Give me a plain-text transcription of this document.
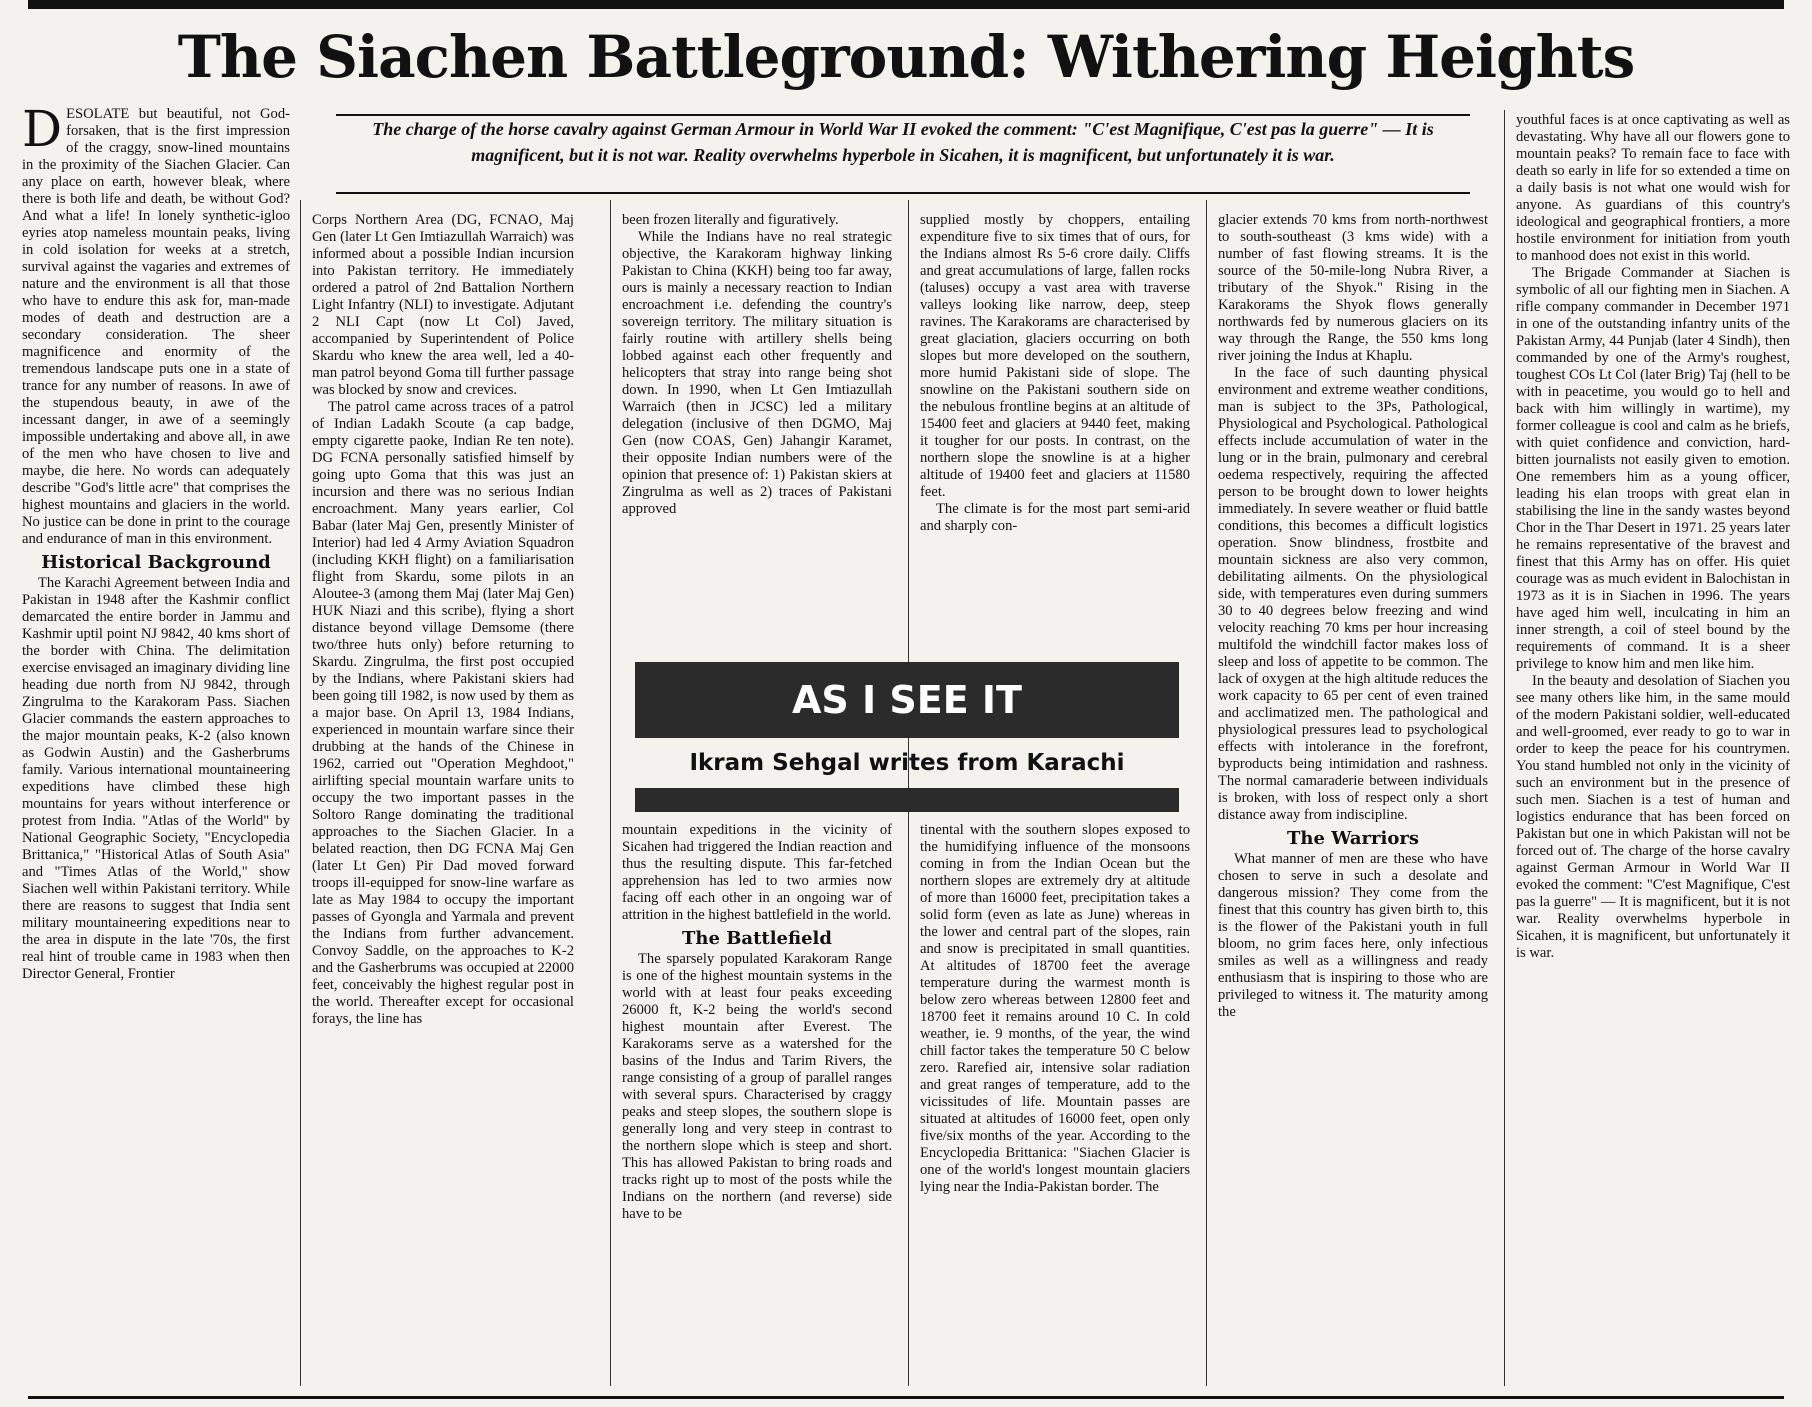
The Siachen Battleground: Withering Heights
The charge of the horse cavalry against German Armour in World War II evoked the comment: "C'est Magnifique, C'est pas la guerre" — It is magnificent, but it is not war. Reality overwhelms hyperbole in Sicahen, it is magnificent, but unfortunately it is war.

DESOLATE but beautiful, not God-forsaken, that is the first impression of the craggy, snow-lined mountains in the proximity of the Siachen Glacier. Can any place on earth, however bleak, where there is both life and death, be without God? And what a life! In lonely synthetic-igloo eyries atop nameless mountain peaks, living in cold isolation for weeks at a stretch, survival against the vagaries and extremes of nature and the environment is all that those who have to endure this ask for, man-made modes of death and destruction are a secondary consideration. The sheer magnificence and enormity of the tremendous landscape puts one in a state of trance for any number of reasons. In awe of the stupendous beauty, in awe of the incessant danger, in awe of a seemingly impossible undertaking and above all, in awe of the men who have chosen to live and maybe, die here. No words can adequately describe "God's little acre" that comprises the highest mountains and glaciers in the world. No justice can be done in print to the courage and endurance of man in this environment.

Historical Background

The Karachi Agreement between India and Pakistan in 1948 after the Kashmir conflict demarcated the entire border in Jammu and Kashmir uptil point NJ 9842, 40 kms short of the border with China. The delimitation exercise envisaged an imaginary dividing line heading due north from NJ 9842, through Zingrulma to the Karakoram Pass. Siachen Glacier commands the eastern approaches to the major mountain peaks, K-2 (also known as Godwin Austin) and the Gasherbrums family. Various international mountaineering expeditions have climbed these high mountains for years without interference or protest from India. "Atlas of the World" by National Geographic Society, "Encyclopedia Brittanica," "Historical Atlas of South Asia" and "Times Atlas of the World," show Siachen well within Pakistani territory. While there are reasons to suggest that India sent military mountaineering expeditions near to the area in dispute in the late '70s, the first real hint of trouble came in 1983 when then Director General, Frontier

Corps Northern Area (DG, FCNAO, Maj Gen (later Lt Gen Imtiazullah Warraich) was informed about a possible Indian incursion into Pakistan territory. He immediately ordered a patrol of 2nd Battalion Northern Light Infantry (NLI) to investigate. Adjutant 2 NLI Capt (now Lt Col) Javed, accompanied by Superintendent of Police Skardu who knew the area well, led a 40-man patrol beyond Goma till further passage was blocked by snow and crevices.

The patrol came across traces of a patrol of Indian Ladakh Scoute (a cap badge, empty cigarette paoke, Indian Re ten note). DG FCNA personally satisfied himself by going upto Goma that this was just an incursion and there was no serious Indian encroachment. Many years earlier, Col Babar (later Maj Gen, presently Minister of Interior) had led 4 Army Aviation Squadron (including KKH flight) on a familiarisation flight from Skardu, some pilots in an Aloutee-3 (among them Maj (later Maj Gen) HUK Niazi and this scribe), flying a short distance beyond village Demsome (there two/three huts only) before returning to Skardu. Zingrulma, the first post occupied by the Indians, where Pakistani skiers had been going till 1982, is now used by them as a major base. On April 13, 1984 Indians, experienced in mountain warfare since their drubbing at the hands of the Chinese in 1962, carried out "Operation Meghdoot," airlifting special mountain warfare units to occupy the two important passes in the Soltoro Range dominating the traditional approaches to the Siachen Glacier. In a belated reaction, then DG FCNA Maj Gen (later Lt Gen) Pir Dad moved forward troops ill-equipped for snow-line warfare as late as May 1984 to occupy the important passes of Gyongla and Yarmala and prevent the Indians from further advancement. Convoy Saddle, on the approaches to K-2 and the Gasherbrums was occupied at 22000 feet, conceivably the highest regular post in the world. Thereafter except for occasional forays, the line has

been frozen literally and figuratively.

While the Indians have no real strategic objective, the Karakoram highway linking Pakistan to China (KKH) being too far away, ours is mainly a necessary reaction to Indian encroachment i.e. defending the country's sovereign territory. The military situation is fairly routine with artillery shells being lobbed against each other frequently and helicopters that stray into range being shot down. In 1990, when Lt Gen Imtiazullah Warraich (then in JCSC) led a military delegation (inclusive of then DGMO, Maj Gen (now COAS, Gen) Jahangir Karamet, their opposite Indian numbers were of the opinion that presence of: 1) Pakistan skiers at Zingrulma as well as 2) traces of Pakistani approved

supplied mostly by choppers, entailing expenditure five to six times that of ours, for the Indians almost Rs 5-6 crore daily. Cliffs and great accumulations of large, fallen rocks (taluses) occupy a vast area with traverse valleys looking like narrow, deep, steep ravines. The Karakorams are characterised by great glaciation, glaciers occurring on both slopes but more developed on the southern, more humid Pakistani side of slope. The snowline on the Pakistani southern side on the nebulous frontline begins at an altitude of 15400 feet and glaciers at 9440 feet, making it tougher for our posts. In contrast, on the northern slope the snowline is at a higher altitude of 19400 feet and glaciers at 11580 feet.

The climate is for the most part semi-arid and sharply con-

AS I SEE IT
Ikram Sehgal writes from Karachi

mountain expeditions in the vicinity of Sicahen had triggered the Indian reaction and thus the resulting dispute. This far-fetched apprehension has led to two armies now facing off each other in an ongoing war of attrition in the highest battlefield in the world.

The Battlefield

The sparsely populated Karakoram Range is one of the highest mountain systems in the world with at least four peaks exceeding 26000 ft, K-2 being the world's second highest mountain after Everest. The Karakorams serve as a watershed for the basins of the Indus and Tarim Rivers, the range consisting of a group of parallel ranges with several spurs. Characterised by craggy peaks and steep slopes, the southern slope is generally long and very steep in contrast to the northern slope which is steep and short. This has allowed Pakistan to bring roads and tracks right up to most of the posts while the Indians on the northern (and reverse) side have to be

tinental with the southern slopes exposed to the humidifying influence of the monsoons coming in from the Indian Ocean but the northern slopes are extremely dry at altitude of more than 16000 feet, precipitation takes a solid form (even as late as June) whereas in the lower and central part of the slopes, rain and snow is precipitated in small quantities. At altitudes of 18700 feet the average temperature during the warmest month is below zero whereas between 12800 feet and 18700 feet it remains around 10 C. In cold weather, ie. 9 months, of the year, the wind chill factor takes the temperature 50 C below zero. Rarefied air, intensive solar radiation and great ranges of temperature, add to the vicissitudes of life. Mountain passes are situated at altitudes of 16000 feet, open only five/six months of the year. According to the Encyclopedia Brittanica: "Siachen Glacier is one of the world's longest mountain glaciers lying near the India-Pakistan border. The

glacier extends 70 kms from north-northwest to south-southeast (3 kms wide) with a number of fast flowing streams. It is the source of the 50-mile-long Nubra River, a tributary of the Shyok." Rising in the Karakorams the Shyok flows generally northwards fed by numerous glaciers on its way through the Range, the 550 kms long river joining the Indus at Khaplu.

In the face of such daunting physical environment and extreme weather conditions, man is subject to the 3Ps, Pathological, Physiological and Psychological. Pathological effects include accumulation of water in the lung or in the brain, pulmonary and cerebral oedema respectively, requiring the affected person to be brought down to lower heights immediately. In severe weather or fluid battle conditions, this becomes a difficult logistics operation. Snow blindness, frostbite and mountain sickness are also very common, debilitating ailments. On the physiological side, with temperatures even during summers 30 to 40 degrees below freezing and wind velocity reaching 70 kms per hour increasing multifold the windchill factor makes loss of sleep and loss of appetite to be common. The lack of oxygen at the high altitude reduces the work capacity to 65 per cent of even trained and acclimatized men. The pathological and physiological pressures lead to psychological effects with intolerance in the forefront, byproducts being intimidation and rashness. The normal camaraderie between individuals is broken, with loss of respect only a short distance away from indiscipline.

The Warriors

What manner of men are these who have chosen to serve in such a desolate and dangerous mission? They come from the finest that this country has given birth to, this is the flower of the Pakistani youth in full bloom, no grim faces here, only infectious smiles as well as a willingness and ready enthusiasm that is inspiring to those who are privileged to witness it. The maturity among the

youthful faces is at once captivating as well as devastating. Why have all our flowers gone to mountain peaks? To remain face to face with death so early in life for so extended a time on a daily basis is not what one would wish for anyone. As guardians of this country's ideological and geographical frontiers, a more hostile environment for initiation from youth to manhood does not exist in this world.

The Brigade Commander at Siachen is symbolic of all our fighting men in Siachen. A rifle company commander in December 1971 in one of the outstanding infantry units of the Pakistan Army, 44 Punjab (later 4 Sindh), then commanded by one of the Army's roughest, toughest COs Lt Col (later Brig) Taj (hell to be with in peacetime, you would go to hell and back with him willingly in wartime), my former colleague is cool and calm as he briefs, with quiet confidence and conviction, hard-bitten journalists not easily given to emotion. One remembers him as a young officer, leading his elan troops with great elan in stabilising the line in the sandy wastes beyond Chor in the Thar Desert in 1971. 25 years later he remains representative of the bravest and finest that this Army has on offer. His quiet courage was as much evident in Balochistan in 1973 as it is in Siachen in 1996. The years have aged him well, inculcating in him an inner strength, a coil of steel bound by the requirements of command. It is a sheer privilege to know him and men like him.

In the beauty and desolation of Siachen you see many others like him, in the same mould of the modern Pakistani soldier, well-educated and well-groomed, ever ready to go to war in order to keep the peace for his countrymen. You stand humbled not only in the vicinity of such an environment but in the presence of such men. Siachen is a test of human and logistics endurance that has been forced on Pakistan but one in which Pakistan will not be forced out of. The charge of the horse cavalry against German Armour in World War II evoked the comment: "C'est Magnifique, C'est pas la guerre" — It is magnificent, but it is not war. Reality overwhelms hyperbole in Sicahen, it is magnificent, but unfortunately it is war.
